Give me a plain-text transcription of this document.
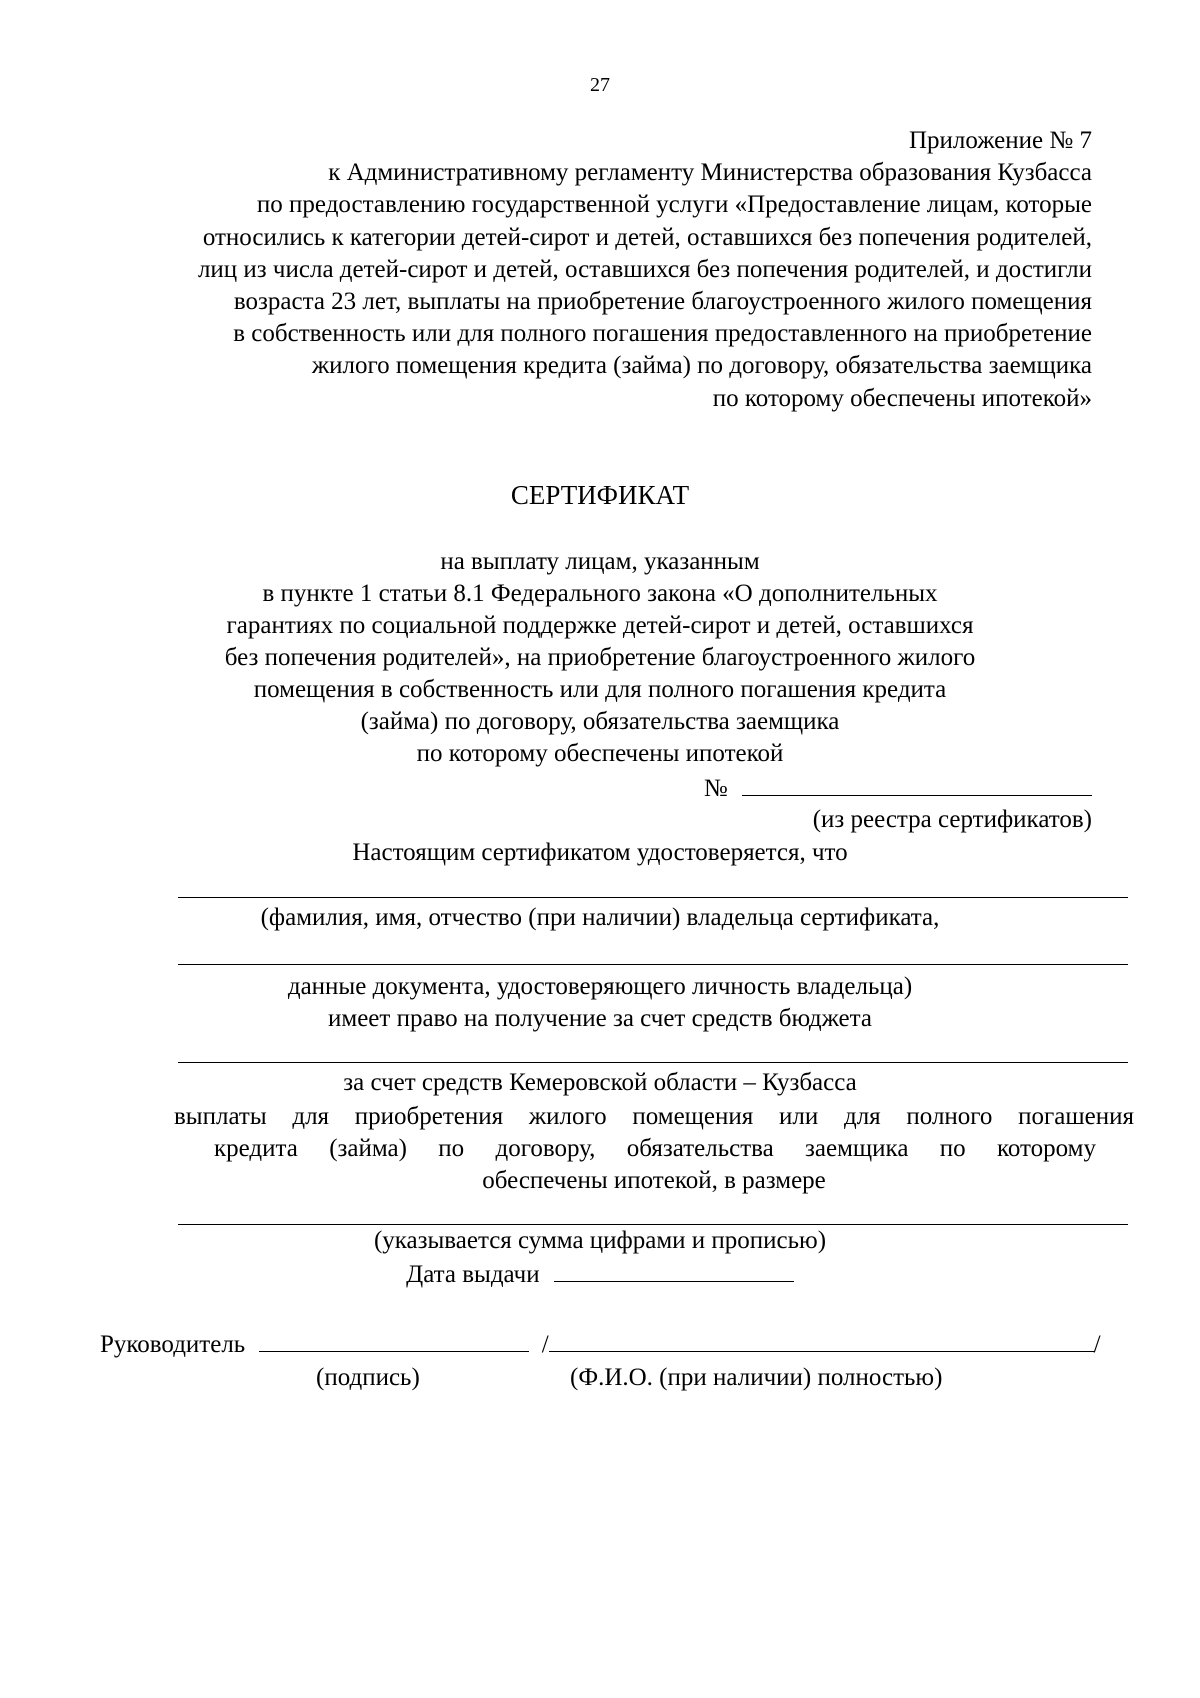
27
Приложение № 7
к Административному регламенту Министерства образования Кузбасса
по предоставлению государственной услуги «Предоставление лицам, которые
относились к категории детей-сирот и детей, оставшихся без попечения родителей,
лиц из числа детей-сирот и детей, оставшихся без попечения родителей, и достигли
возраста 23 лет, выплаты на приобретение благоустроенного жилого помещения
в собственность или для полного погашения предоставленного на приобретение
жилого помещения кредита (займа) по договору, обязательства заемщика
по которому обеспечены ипотекой»
СЕРТИФИКАТ
на выплату лицам, указанным
в пункте 1 статьи 8.1 Федерального закона «О дополнительных
гарантиях по социальной поддержке детей-сирот и детей, оставшихся
без попечения родителей», на приобретение благоустроенного жилого
помещения в собственность или для полного погашения кредита
(займа) по договору, обязательства заемщика
по которому обеспечены ипотекой
№
(из реестра сертификатов)
Настоящим сертификатом удостоверяется, что
(фамилия, имя, отчество (при наличии) владельца сертификата,
данные документа, удостоверяющего личность владельца)
имеет право на получение за счет средств бюджета
за счет средств Кемеровской области – Кузбасса
выплаты для приобретения жилого помещения или для полного погашения
кредита (займа) по договору, обязательства заемщика по которому
обеспечены ипотекой, в размере
(указывается сумма цифрами и прописью)
Дата выдачи
Руководитель	/	/
(подпись)	(Ф.И.О. (при наличии) полностью)
